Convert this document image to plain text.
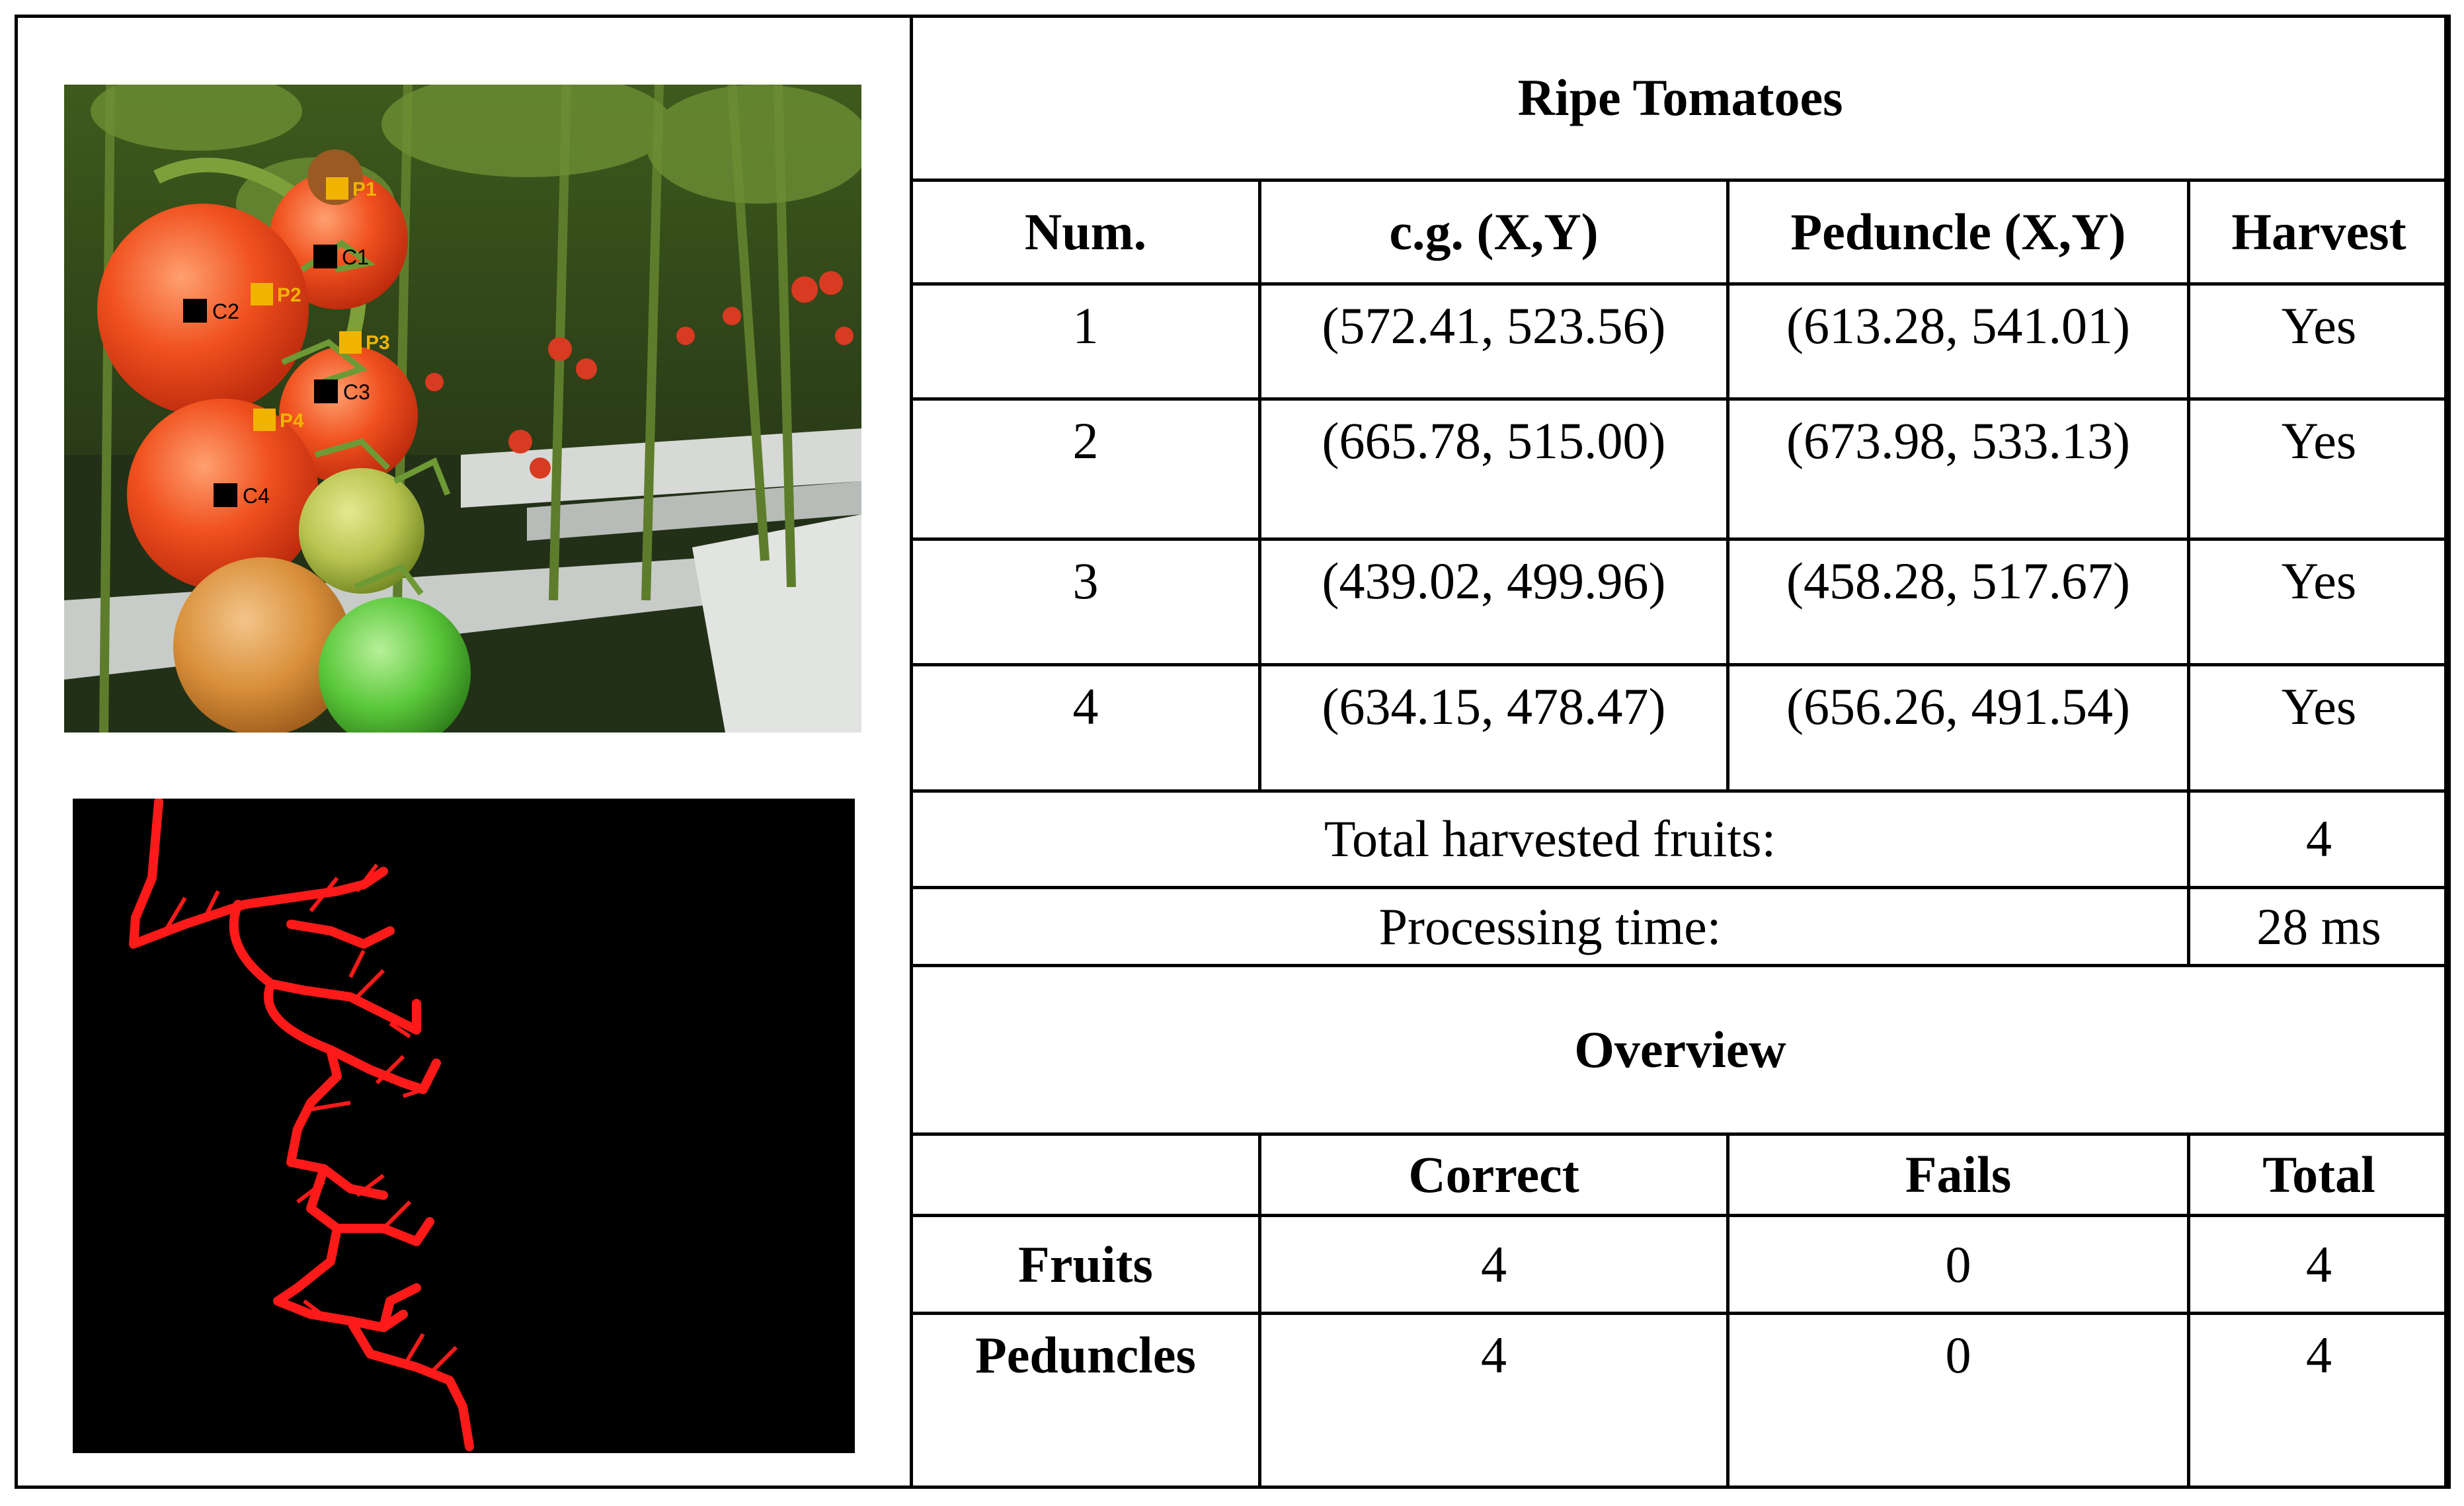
P1
P2
P3
P4
C1
C2
C3
C4
Ripe Tomatoes			
Num.	c.g. (X,Y)	Peduncle (X,Y)	Harvest
1	(572.41, 523.56)	(613.28, 541.01)	Yes
2	(665.78, 515.00)	(673.98, 533.13)	Yes
3	(439.02, 499.96)	(458.28, 517.67)	Yes
4	(634.15, 478.47)	(656.26, 491.54)	Yes
Total harvested fruits:			4
Processing time:			28 ms
Overview			
	Correct	Fails	Total
Fruits	4	0	4
Peduncles	4	0	4
